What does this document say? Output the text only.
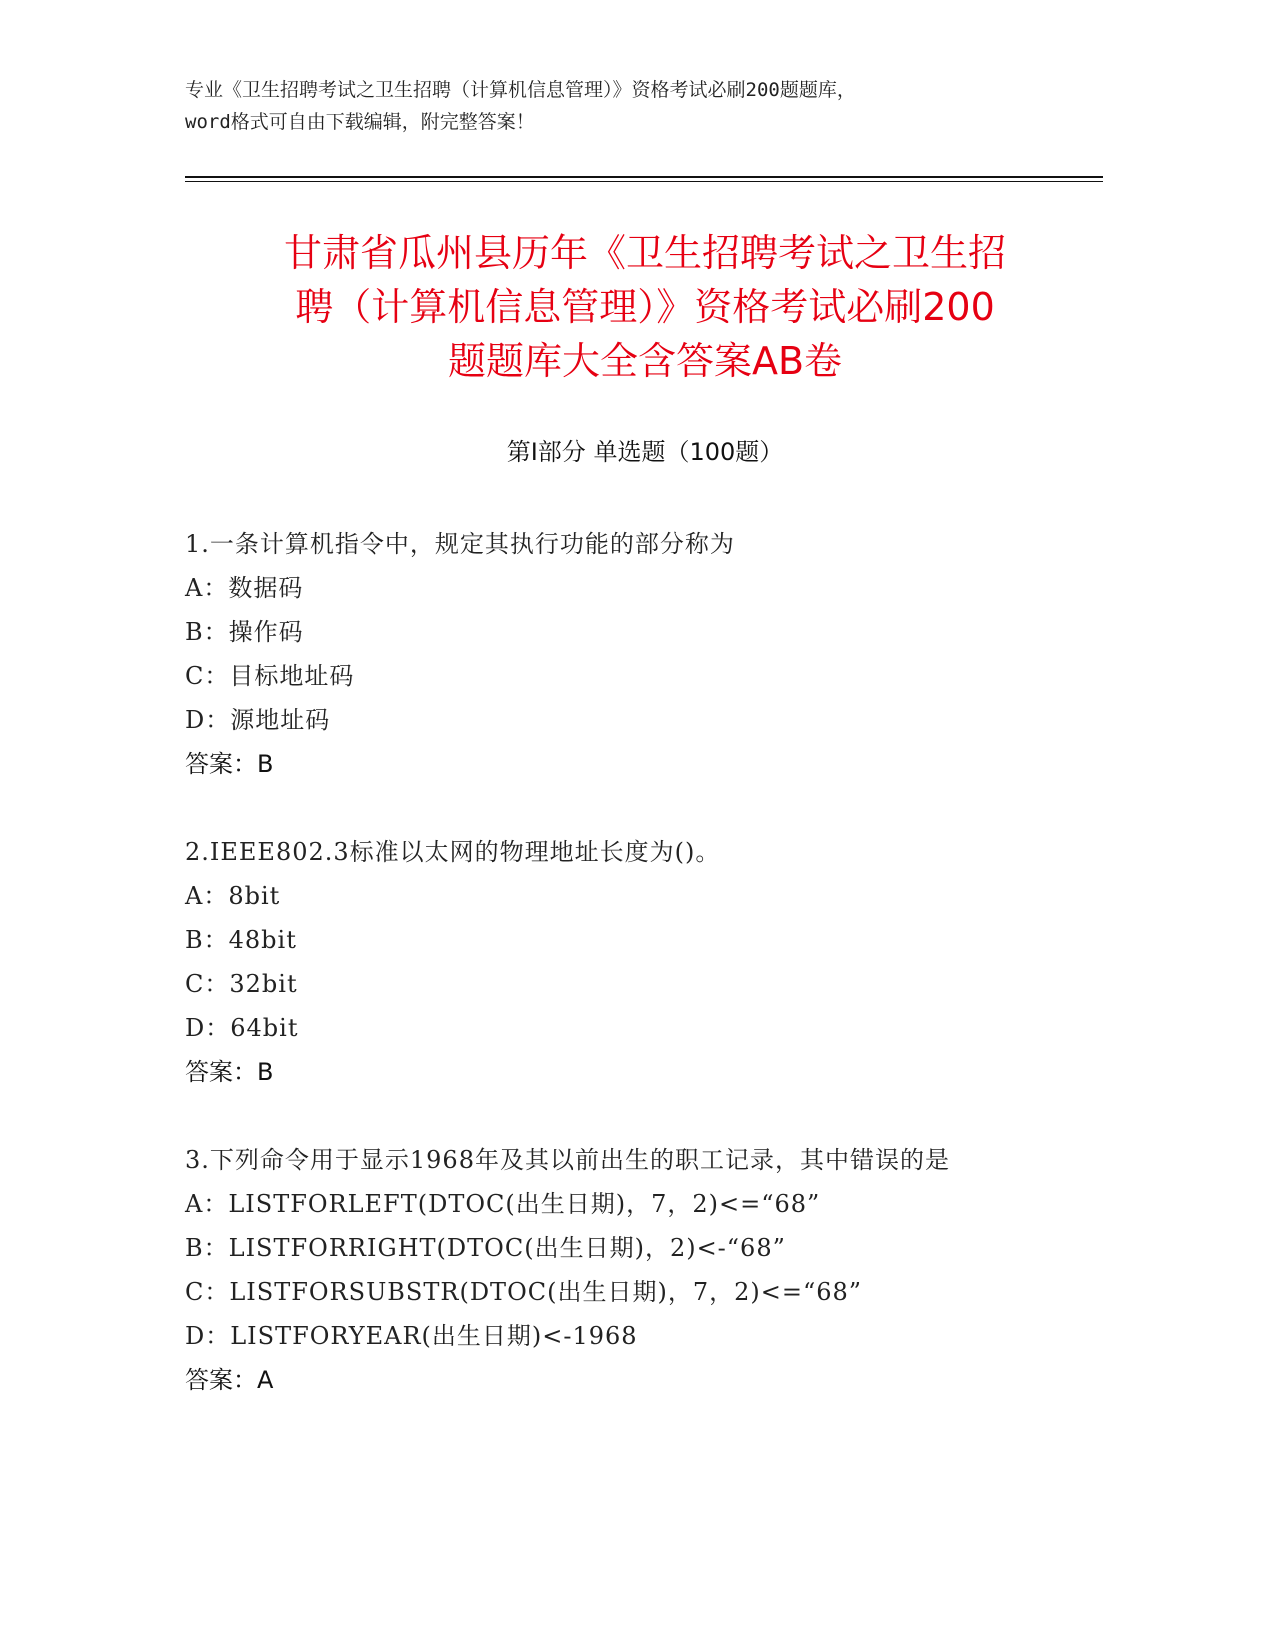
专业《卫生招聘考试之卫生招聘（计算机信息管理）》资格考试必刷200题题库，
word格式可自由下载编辑，附完整答案！
甘肃省瓜州县历年《卫生招聘考试之卫生招
聘（计算机信息管理）》资格考试必刷200
题题库大全含答案AB卷
第I部分 单选题（100题）
1.一条计算机指令中，规定其执行功能的部分称为
A：数据码
B：操作码
C：目标地址码
D：源地址码
答案：B
2.IEEE802.3标准以太网的物理地址长度为()。
A：8bit
B：48bit
C：32bit
D：64bit
答案：B
3.下列命令用于显示1968年及其以前出生的职工记录，其中错误的是
A：LISTFORLEFT(DTOC(出生日期)，7，2)<=“68”
B：LISTFORRIGHT(DTOC(出生日期)，2)<-“68”
C：LISTFORSUBSTR(DTOC(出生日期)，7，2)<=“68”
D：LISTFORYEAR(出生日期)<-1968
答案：A
